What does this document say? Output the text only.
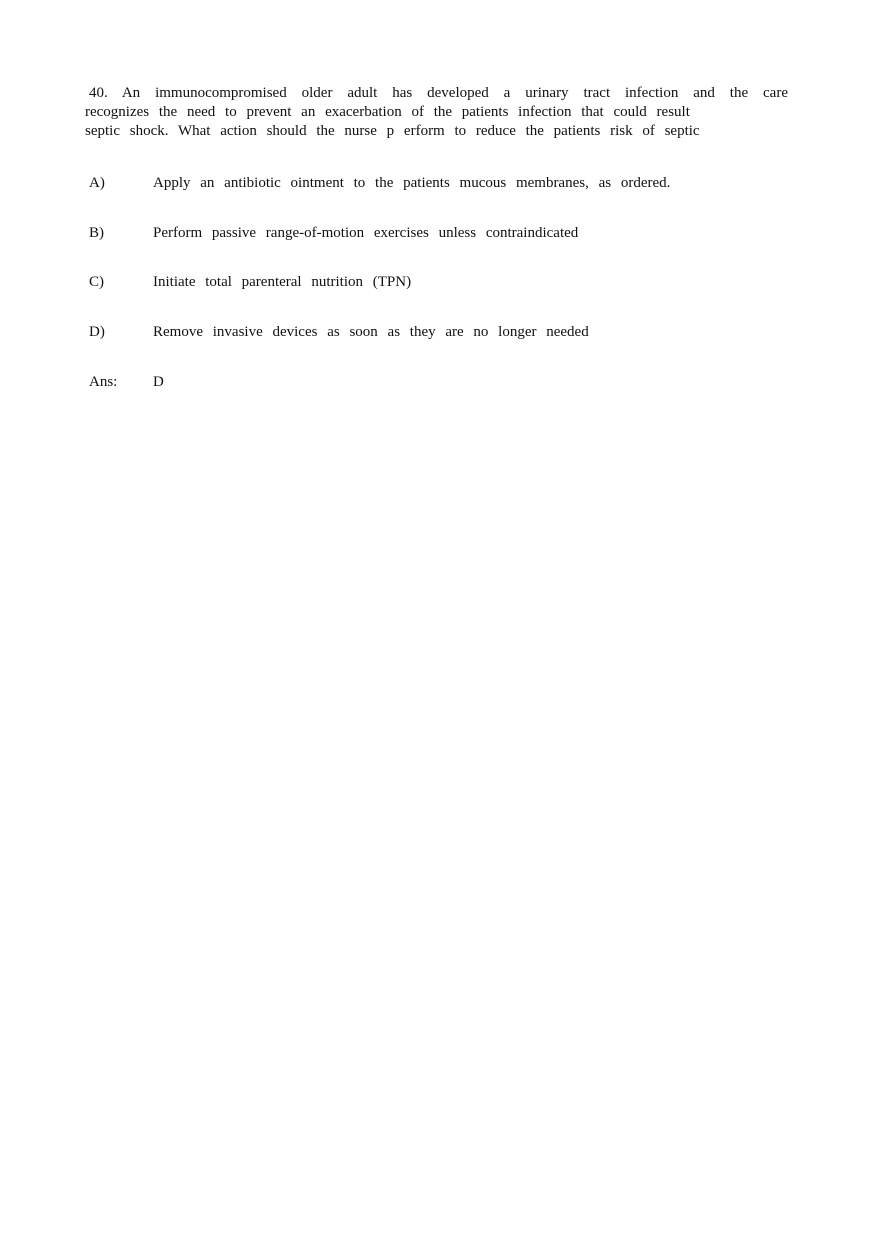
40. An immunocompromised older adult has developed a urinary tract infection and the care
recognizes the need to prevent an exacerbation of the patients infection that could result
septic shock. What action should the nurse p erform to reduce the patients risk of septic
A)	Apply an antibiotic ointment to the patients mucous membranes, as ordered.
B)	Perform passive range-of-motion exercises unless contraindicated
C)	Initiate total parenteral nutrition (TPN)
D)	Remove invasive devices as soon as they are no longer needed
Ans: D
